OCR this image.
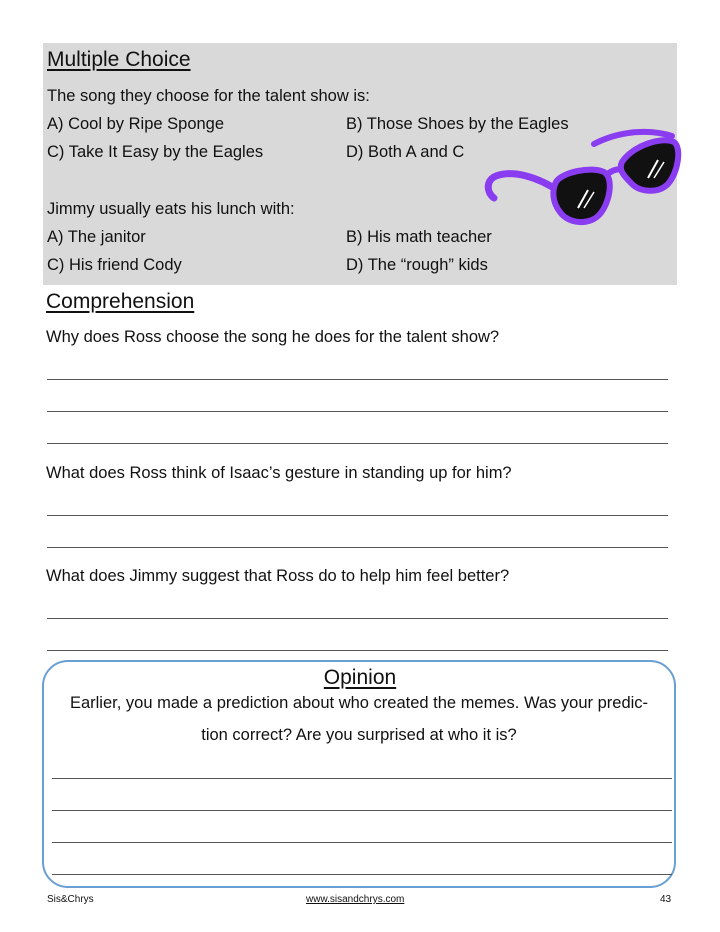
Multiple Choice
The song they choose for the talent show is:
A) Cool by Ripe Sponge	B) Those Shoes by the Eagles
C) Take It Easy by the Eagles	D) Both A and C
Jimmy usually eats his lunch with:
A) The janitor	B) His math teacher
C) His friend Cody	D) The “rough” kids
Comprehension
Why does Ross choose the song he does for the talent show?
What does Ross think of Isaac’s gesture in standing up for him?
What does Jimmy suggest that Ross do to help him feel better?
Opinion
Earlier, you made a prediction about who created the memes. Was your predic-
tion correct? Are you surprised at who it is?
Sis&Chrys	www.sisandchrys.com	43
